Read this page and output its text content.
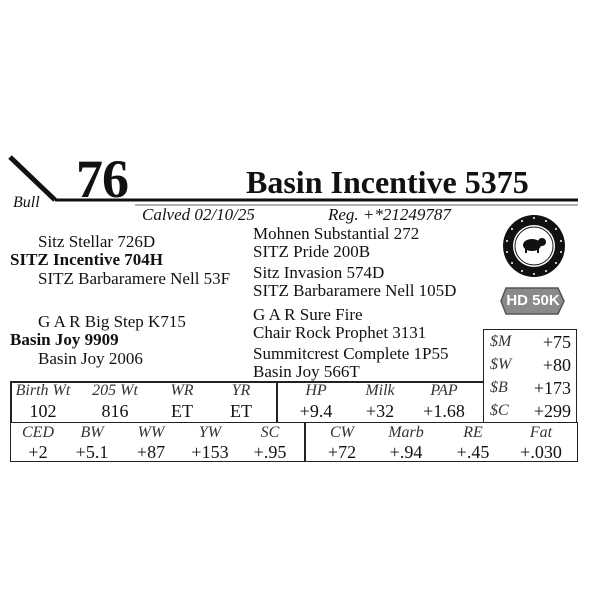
76	Basin Incentive 5375
Bull
Calved 02/10/25	Reg. +*21249787
HD 50K
Sitz Stellar 726D
SITZ Incentive 704H
SITZ Barbaramere Nell 53F
G A R Big Step K715
Basin Joy 9909
Basin Joy 2006
Mohnen Substantial 272
SITZ Pride 200B
Sitz Invasion 574D
SITZ Barbaramere Nell 105D
G A R Sure Fire
Chair Rock Prophet 3131
Summitcrest Complete 1P55
Basin Joy 566T
$M	+75
$W	+80
$B	+173
$C	+299
Birth Wt	205 Wt	WR	YR	HP	Milk	PAP
102	816	ET	ET	+9.4	+32	+1.68
CED	BW	WW	YW	SC	CW	Marb	RE	Fat
+2	+5.1	+87	+153	+.95	+72	+.94	+.45	+.030
